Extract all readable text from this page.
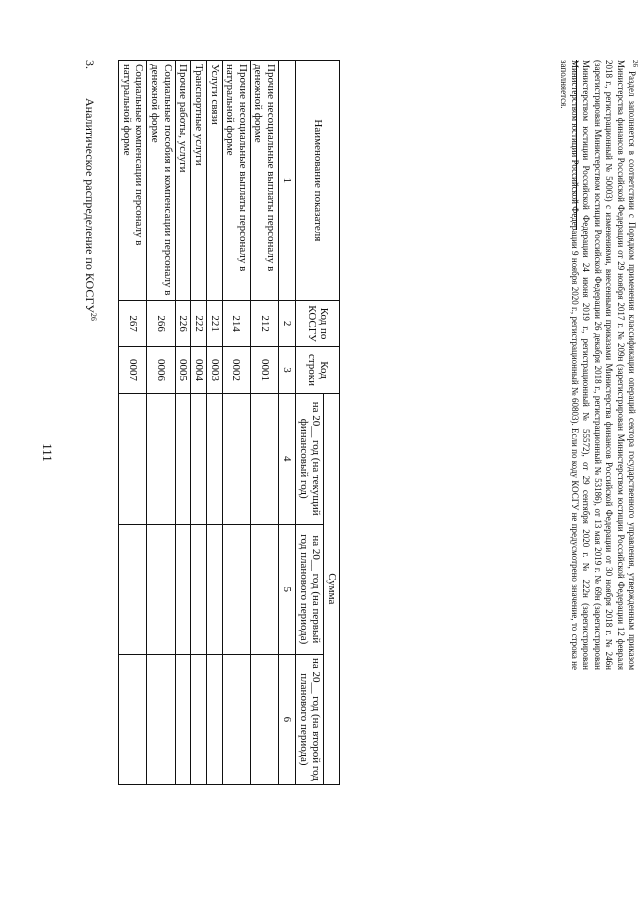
111
3.Аналитическое распределение по КОСГУ$^{26}$
Наименование показателя	Код по КОСГУ	Код строки	Сумма		
			на 20__ год (на текущий финансовый год)	на 20__ год (на первый год планового периода)	на 20__ год (на второй год планового периода)
1	2	3	4	5	6
Прочие несоциальные выплаты персоналу в денежной форме	212	0001			
Прочие несоциальные выплаты персоналу в натуральной форме	214	0002			
Услуги связи	221	0003			
Транспортные услуги	222	0004			
Прочие работы, услуги	226	0005			
Социальные пособия и компенсации персоналу в денежной форме	266	0006			
Социальные компенсации персоналу в натуральной форме	267	0007			
$^{26}$ Раздел заполняется в соответствии с Порядком применения классификации операций сектора государственного управления, утвержденным приказом Министерства финансов Российской Федерации от 29 ноября 2017 г. № 209н (зарегистрирован Министерством юстиции Российской Федерации 12 февраля 2018 г., регистрационный № 50003) с изменениями, внесенными приказами Министерства финансов Российской Федерации от 30 ноября 2018 г. № 246н (зарегистрирован Министерством юстиции Российской Федерации 26 декабря 2018 г., регистрационный № 53186), от 13 мая 2019 г. № 69н (зарегистрирован Министерством юстиции Российской Федерации 24 июня 2019 г., регистрационный № 55572), от 29 сентября 2020 г. № 222н (зарегистрирован Министерством юстиции Российской Федерации 9 ноября 2020 г., регистрационный № 60803). Если по коду КОСГУ не предусмотрено значение, то строка не заполняется.
